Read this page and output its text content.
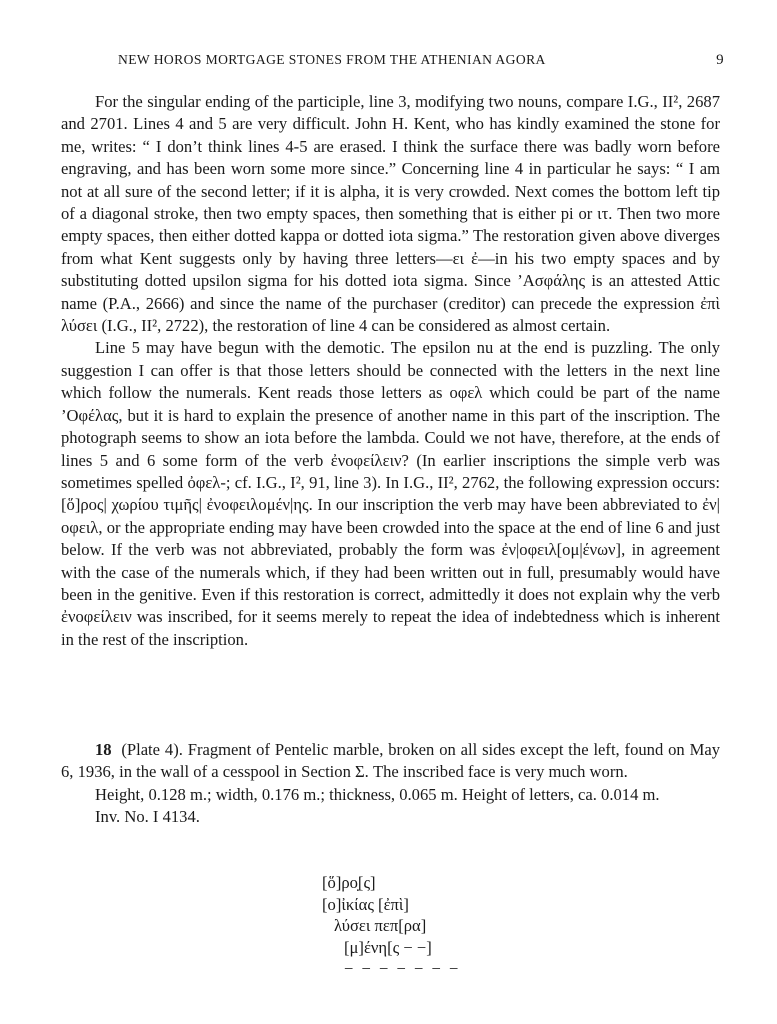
NEW HOROS MORTGAGE STONES FROM THE ATHENIAN AGORA	9

For the singular ending of the participle, line 3, modifying two nouns, compare I.G., II², 2687 and 2701. Lines 4 and 5 are very difficult. John H. Kent, who has kindly examined the stone for me, writes: “ I don’t think lines 4-5 are erased. I think the surface there was badly worn before engraving, and has been worn some more since.” Concerning line 4 in particular he says: “ I am not at all sure of the second letter; if it is alpha, it is very crowded. Next comes the bottom left tip of a diagonal stroke, then two empty spaces, then something that is either pi or ιτ. Then two more empty spaces, then either dotted kappa or dotted iota sigma.” The restoration given above diverges from what Kent suggests only by having three letters—ει ἐ—in his two empty spaces and by substituting dotted upsilon sigma for his dotted iota sigma. Since ’Ασφάλης is an attested Attic name (P.A., 2666) and since the name of the purchaser (creditor) can precede the expression ἐπὶ λύσει (I.G., II², 2722), the restoration of line 4 can be considered as almost certain.

Line 5 may have begun with the demotic. The epsilon nu at the end is puzzling. The only suggestion I can offer is that those letters should be connected with the letters in the next line which follow the numerals. Kent reads those letters as οφελ which could be part of the name ’Οφέλας, but it is hard to explain the presence of another name in this part of the inscription. The photograph seems to show an iota before the lambda. Could we not have, therefore, at the ends of lines 5 and 6 some form of the verb ἐνοφείλειν? (In earlier inscriptions the simple verb was sometimes spelled ὀφελ-; cf. I.G., I², 91, line 3). In I.G., II², 2762, the following expression occurs: [ὅ]ρος| χωρίου τιμῆς| ἐνοφειλομέν|ης. In our inscription the verb may have been abbreviated to ἐν|οφειλ, or the appropriate ending may have been crowded into the space at the end of line 6 and just below. If the verb was not abbreviated, probably the form was ἐν|οφειλ[ομ|ένων], in agreement with the case of the numerals which, if they had been written out in full, presumably would have been in the genitive. Even if this restoration is correct, admittedly it does not explain why the verb ἐνοφείλειν was inscribed, for it seems merely to repeat the idea of indebtedness which is inherent in the rest of the inscription.

18 (Plate 4). Fragment of Pentelic marble, broken on all sides except the left, found on May 6, 1936, in the wall of a cesspool in Section Σ. The inscribed face is very much worn.

Height, 0.128 m.; width, 0.176 m.; thickness, 0.065 m. Height of letters, ca. 0.014 m.

Inv. No. I 4134.

[ὅ]ρο̣[ς]
[ο]ἰκίας [ἐπὶ]
λύσει πεπ[ρα]
[μ]ένη[ς − −]
− − − − − − −
